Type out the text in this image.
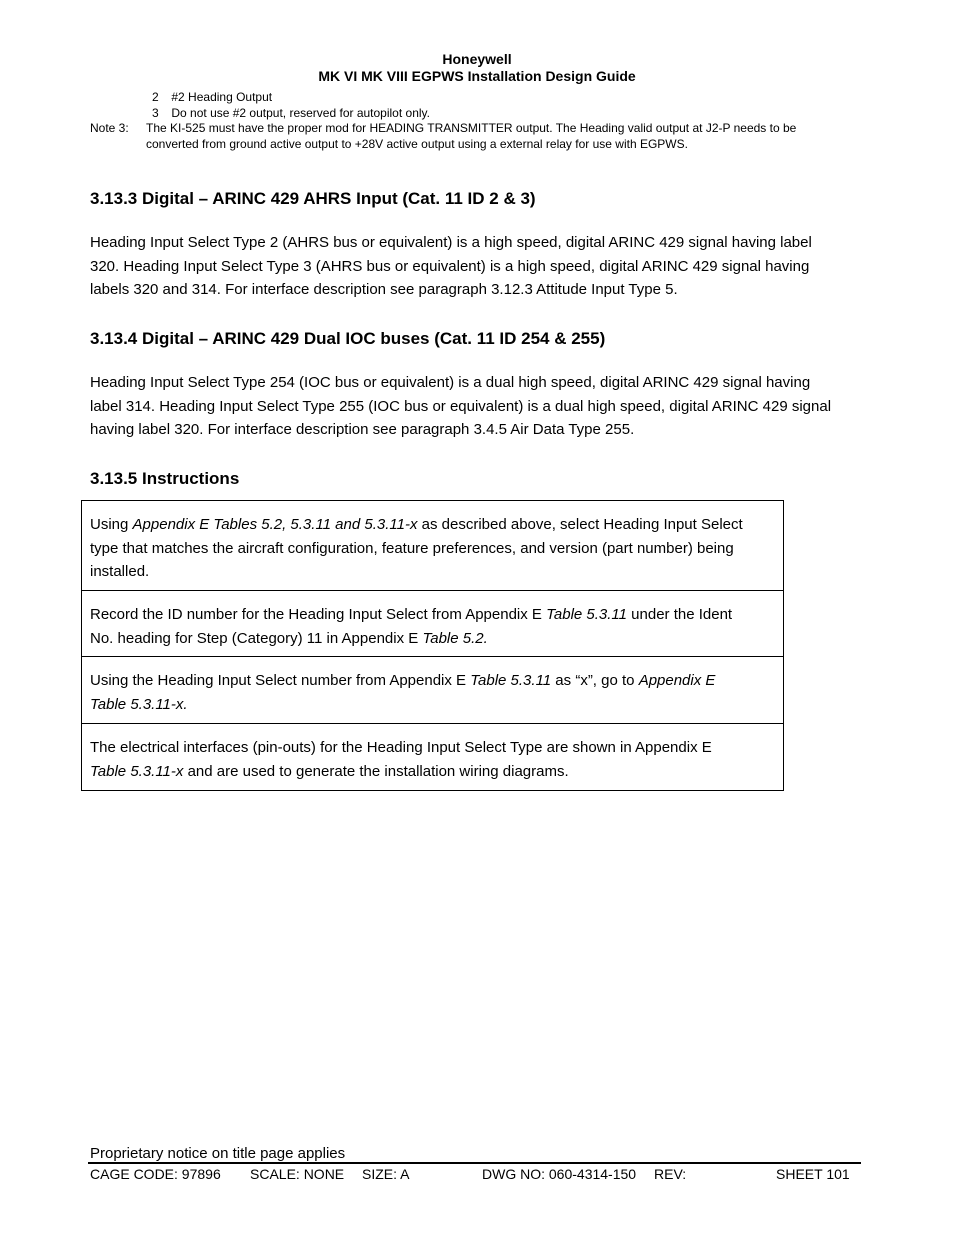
Honeywell
MK VI MK VIII EGPWS Installation Design Guide
2 #2 Heading Output
3 Do not use #2 output, reserved for autopilot only.
Note 3: The KI-525 must have the proper mod for HEADING TRANSMITTER output. The Heading valid output at J2-P needs to be
converted from ground active output to +28V active output using a external relay for use with EGPWS.
3.13.3 Digital – ARINC 429 AHRS Input (Cat. 11 ID 2 & 3)
Heading Input Select Type 2 (AHRS bus or equivalent) is a high speed, digital ARINC 429 signal having label
320. Heading Input Select Type 3 (AHRS bus or equivalent) is a high speed, digital ARINC 429 signal having
labels 320 and 314. For interface description see paragraph 3.12.3 Attitude Input Type 5.
3.13.4 Digital – ARINC 429 Dual IOC buses (Cat. 11 ID 254 & 255)
Heading Input Select Type 254 (IOC bus or equivalent) is a dual high speed, digital ARINC 429 signal having
label 314. Heading Input Select Type 255 (IOC bus or equivalent) is a dual high speed, digital ARINC 429 signal
having label 320. For interface description see paragraph 3.4.5 Air Data Type 255.
3.13.5 Instructions
Using Appendix E Tables 5.2, 5.3.11 and 5.3.11-x as described above, select Heading Input Select
type that matches the aircraft configuration, feature preferences, and version (part number) being
installed.
Record the ID number for the Heading Input Select from Appendix E Table 5.3.11 under the Ident
No. heading for Step (Category) 11 in Appendix E Table 5.2.
Using the Heading Input Select number from Appendix E Table 5.3.11 as “x”, go to Appendix E
Table 5.3.11-x.
The electrical interfaces (pin-outs) for the Heading Input Select Type are shown in Appendix E
Table 5.3.11-x and are used to generate the installation wiring diagrams.
Proprietary notice on title page applies
CAGE CODE: 97896 SCALE: NONE SIZE: A	DWG NO: 060-4314-150 REV:	SHEET 101
